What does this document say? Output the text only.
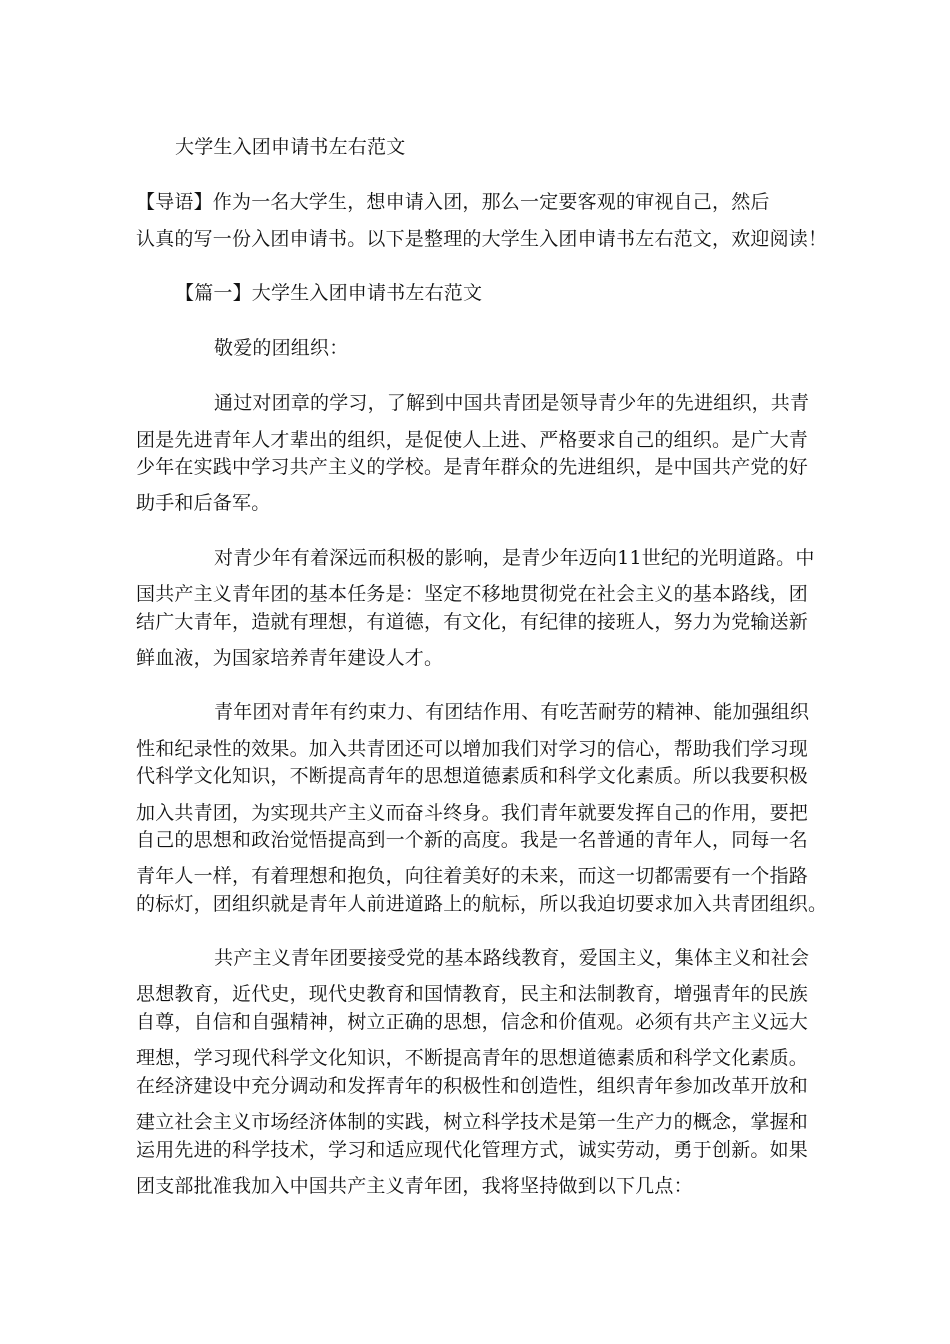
大学生入团申请书左右范文
【导语】作为一名大学生，想申请入团，那么一定要客观的审视自己，然后
认真的写一份入团申请书。以下是整理的大学生入团申请书左右范文，欢迎阅读！
【篇一】大学生入团申请书左右范文
敬爱的团组织：
通过对团章的学习，了解到中国共青团是领导青少年的先进组织，共青
团是先进青年人才辈出的组织，是促使人上进、严格要求自己的组织。是广大青
少年在实践中学习共产主义的学校。是青年群众的先进组织，是中国共产党的好
助手和后备军。
对青少年有着深远而积极的影响，是青少年迈向11世纪的光明道路。中
国共产主义青年团的基本任务是：坚定不移地贯彻党在社会主义的基本路线，团
结广大青年，造就有理想，有道德，有文化，有纪律的接班人，努力为党输送新
鲜血液，为国家培养青年建设人才。
青年团对青年有约束力、有团结作用、有吃苦耐劳的精神、能加强组织
性和纪录性的效果。加入共青团还可以增加我们对学习的信心，帮助我们学习现
代科学文化知识，不断提高青年的思想道德素质和科学文化素质。所以我要积极
加入共青团，为实现共产主义而奋斗终身。我们青年就要发挥自己的作用，要把
自己的思想和政治觉悟提高到一个新的高度。我是一名普通的青年人，同每一名
青年人一样，有着理想和抱负，向往着美好的未来，而这一切都需要有一个指路
的标灯，团组织就是青年人前进道路上的航标，所以我迫切要求加入共青团组织。
共产主义青年团要接受党的基本路线教育，爱国主义，集体主义和社会
思想教育，近代史，现代史教育和国情教育，民主和法制教育，增强青年的民族
自尊，自信和自强精神，树立正确的思想，信念和价值观。必须有共产主义远大
理想，学习现代科学文化知识，不断提高青年的思想道德素质和科学文化素质。
在经济建设中充分调动和发挥青年的积极性和创造性，组织青年参加改革开放和
建立社会主义市场经济体制的实践，树立科学技术是第一生产力的概念，掌握和
运用先进的科学技术，学习和适应现代化管理方式，诚实劳动，勇于创新。如果
团支部批准我加入中国共产主义青年团，我将坚持做到以下几点：
